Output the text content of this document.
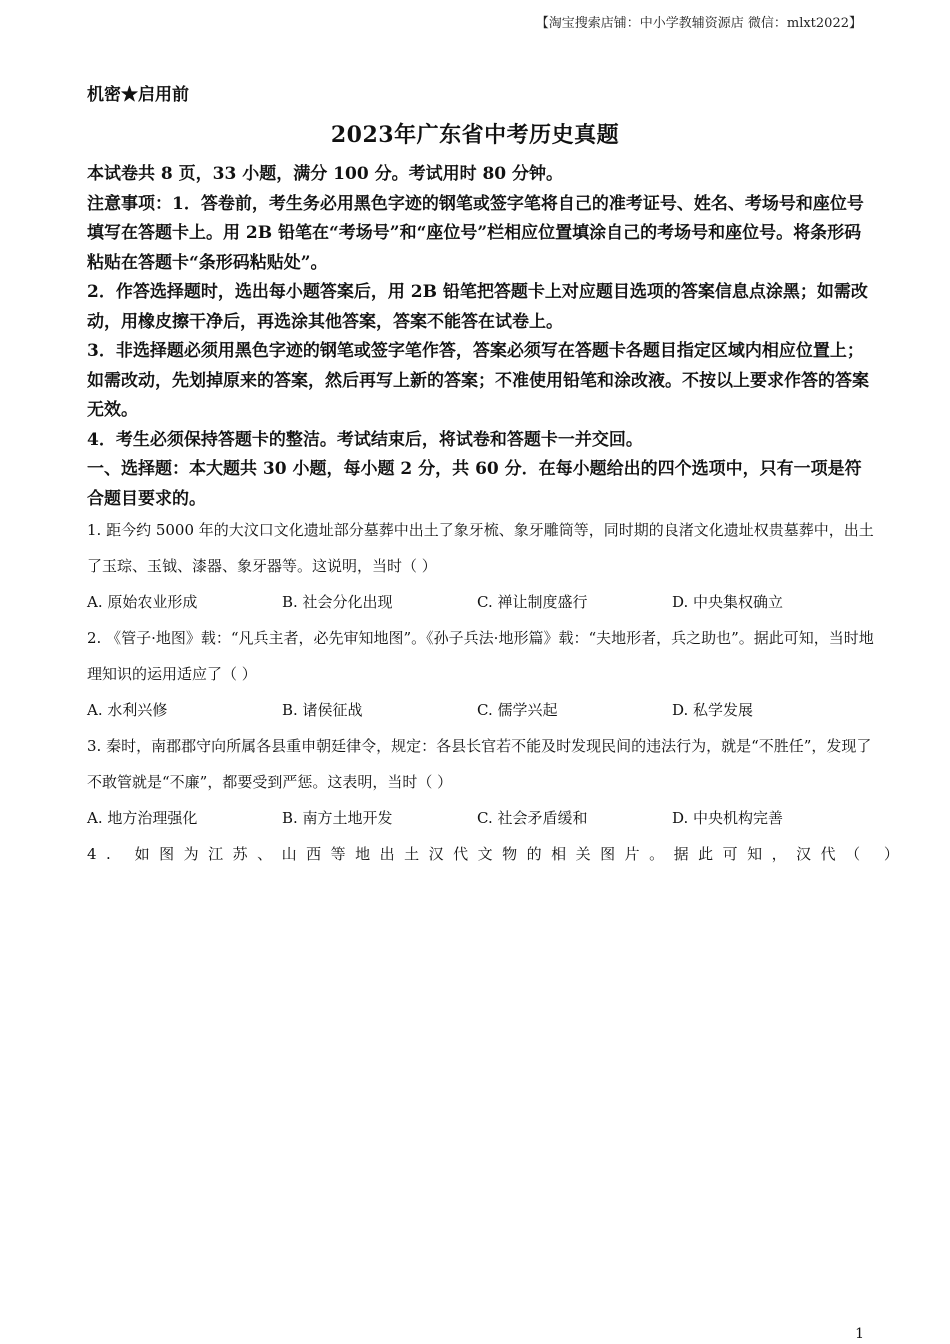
【淘宝搜索店铺：中小学教辅资源店 微信：mlxt2022】
机密★启用前
2023年广东省中考历史真题

本试卷共 8 页，33 小题，满分 100 分。考试用时 80 分钟。

注意事项：1．答卷前，考生务必用黑色字迹的钢笔或签字笔将自己的准考证号、姓名、考场号和座位号填写在答题卡上。用 2B 铅笔在“考场号”和“座位号”栏相应位置填涂自己的考场号和座位号。将条形码粘贴在答题卡“条形码粘贴处”。

2．作答选择题时，选出每小题答案后，用 2B 铅笔把答题卡上对应题目选项的答案信息点涂黑；如需改动，用橡皮擦干净后，再选涂其他答案，答案不能答在试卷上。

3．非选择题必须用黑色字迹的钢笔或签字笔作答，答案必须写在答题卡各题目指定区域内相应位置上；如需改动，先划掉原来的答案，然后再写上新的答案；不准使用铅笔和涂改液。不按以上要求作答的答案无效。

4．考生必须保持答题卡的整洁。考试结束后，将试卷和答题卡一并交回。

一、选择题：本大题共 30 小题，每小题 2 分，共 60 分．在每小题给出的四个选项中，只有一项是符合题目要求的。

1. 距今约 5000 年的大汶口文化遗址部分墓葬中出土了象牙梳、象牙雕筒等，同时期的良渚文化遗址权贵墓葬中，出土了玉琮、玉钺、漆器、象牙器等。这说明，当时（ ）

A. 原始农业形成	B. 社会分化出现	C. 禅让制度盛行	D. 中央集权确立

2. 《管子·地图》载：“凡兵主者，必先审知地图”。《孙子兵法·地形篇》载：“夫地形者，兵之助也”。据此可知，当时地理知识的运用适应了（ ）

A. 水利兴修	B. 诸侯征战	C. 儒学兴起	D. 私学发展

3. 秦时，南郡郡守向所属各县重申朝廷律令，规定：各县长官若不能及时发现民间的违法行为，就是“不胜任”，发现了不敢管就是“不廉”，都要受到严惩。这表明，当时（ ）

A. 地方治理强化	B. 南方土地开发	C. 社会矛盾缓和	D. 中央机构完善

4. 如图为江苏、山西等地出土汉代文物的相关图片。据此可知，汉代（ ）

1
